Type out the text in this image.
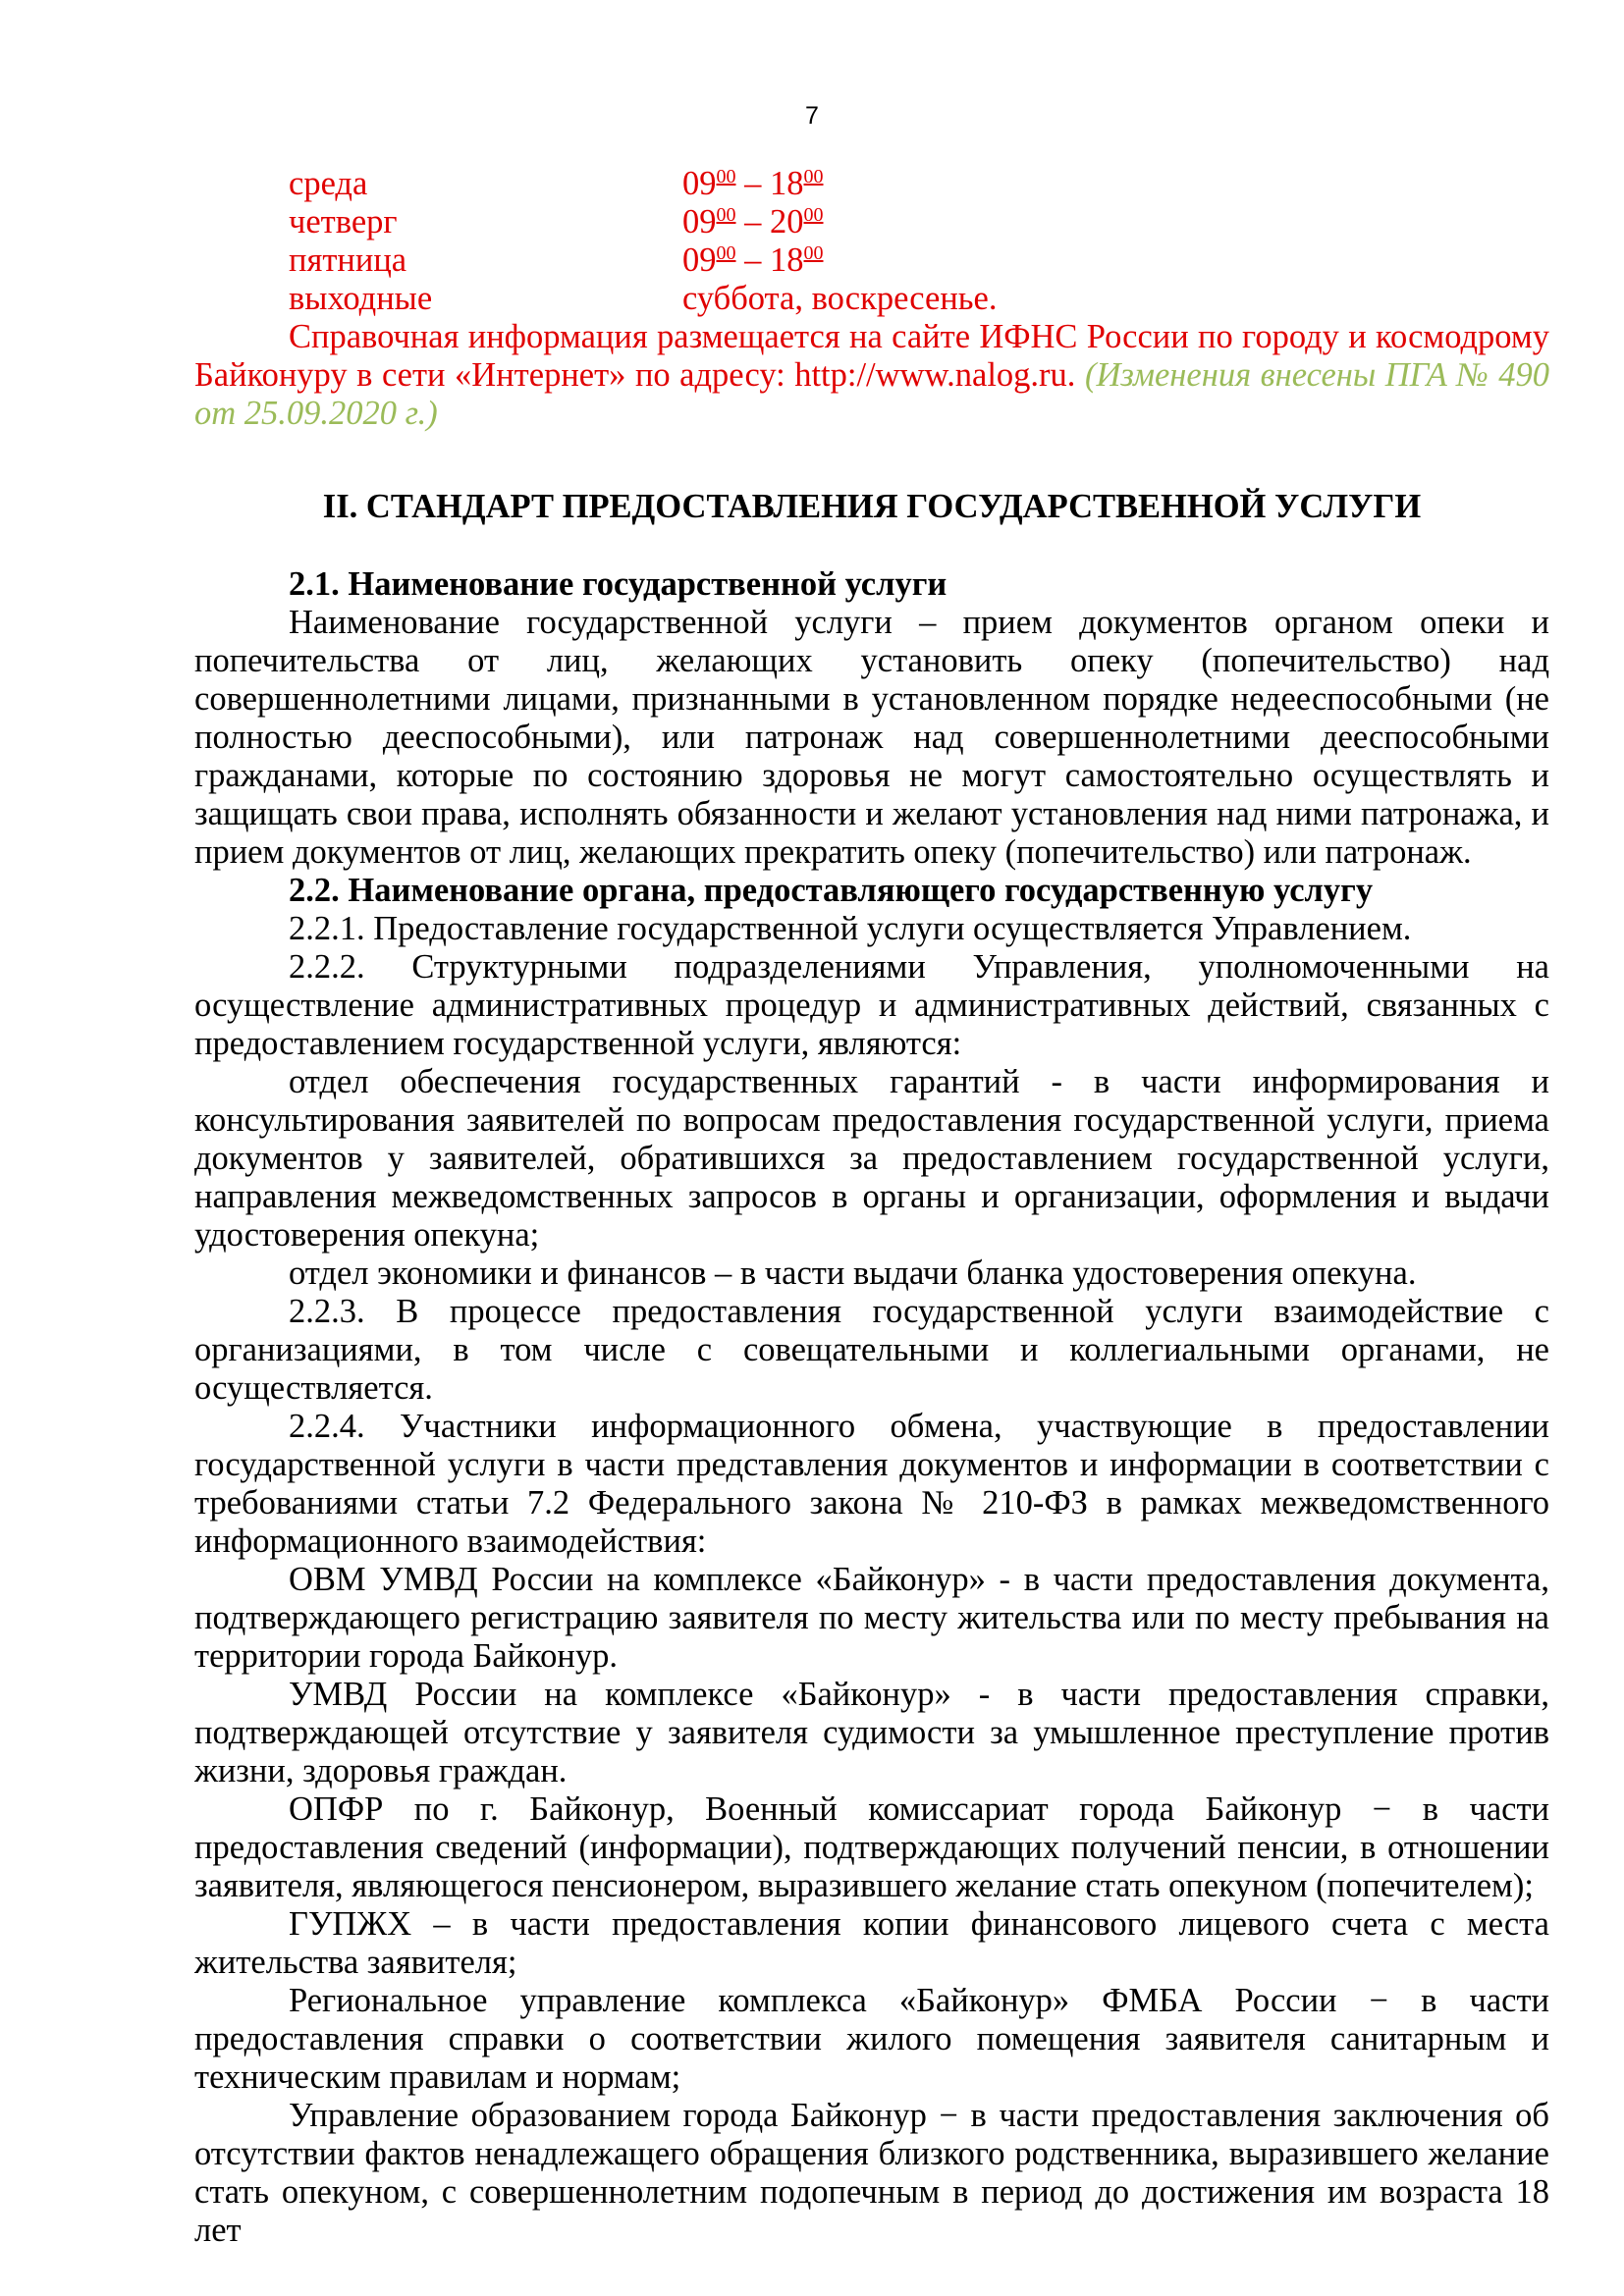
7
среда	$09^{00} - 18^{00}$
четверг	$09^{00} - 20^{00}$
пятница	$09^{00} - 18^{00}$
выходные	суббота, воскресенье.

Справочная информация размещается на сайте ИФНС России по городу и космодрому Байконуру в сети «Интернет» по адресу: http://www.nalog.ru. (Изменения внесены ПГА № 490 от 25.09.2020 г.)

II. СТАНДАРТ ПРЕДОСТАВЛЕНИЯ ГОСУДАРСТВЕННОЙ УСЛУГИ

2.1. Наименование государственной услуги

Наименование государственной услуги – прием документов органом опеки и попечительства от лиц, желающих установить опеку (попечительство) над совершеннолетними лицами, признанными в установленном порядке недееспособными (не полностью дееспособными), или патронаж над совершеннолетними дееспособными гражданами, которые по состоянию здоровья не могут самостоятельно осуществлять и защищать свои права, исполнять обязанности и желают установления над ними патронажа, и прием документов от лиц, желающих прекратить опеку (попечительство) или патронаж.

2.2. Наименование органа, предоставляющего государственную услугу

2.2.1. Предоставление государственной услуги осуществляется Управлением.

2.2.2. Структурными подразделениями Управления, уполномоченными на осуществление административных процедур и административных действий, связанных с предоставлением государственной услуги, являются:

отдел обеспечения государственных гарантий - в части информирования и консультирования заявителей по вопросам предоставления государственной услуги, приема документов у заявителей, обратившихся за предоставлением государственной услуги, направления межведомственных запросов в органы и организации, оформления и выдачи удостоверения опекуна;

отдел экономики и финансов – в части выдачи бланка удостоверения опекуна.

2.2.3. В процессе предоставления государственной услуги взаимодействие с организациями, в том числе с совещательными и коллегиальными органами, не осуществляется.

2.2.4. Участники информационного обмена, участвующие в предоставлении государственной услуги в части представления документов и информации в соответствии с требованиями статьи 7.2 Федерального закона № 210-ФЗ в рамках межведомственного информационного взаимодействия:

ОВМ УМВД России на комплексе «Байконур» - в части предоставления документа, подтверждающего регистрацию заявителя по месту жительства или по месту пребывания на территории города Байконур.

УМВД России на комплексе «Байконур» - в части предоставления справки, подтверждающей отсутствие у заявителя судимости за умышленное преступление против жизни, здоровья граждан.

ОПФР по г. Байконур, Военный комиссариат города Байконур − в части предоставления сведений (информации), подтверждающих получений пенсии, в отношении заявителя, являющегося пенсионером, выразившего желание стать опекуном (попечителем);

ГУПЖХ – в части предоставления копии финансового лицевого счета с места жительства заявителя;

Региональное управление комплекса «Байконур» ФМБА России − в части предоставления справки о соответствии жилого помещения заявителя санитарным и техническим правилам и нормам;

Управление образованием города Байконур − в части предоставления заключения об отсутствии фактов ненадлежащего обращения близкого родственника, выразившего желание стать опекуном, с совершеннолетним подопечным в период до достижения им возраста 18 лет
